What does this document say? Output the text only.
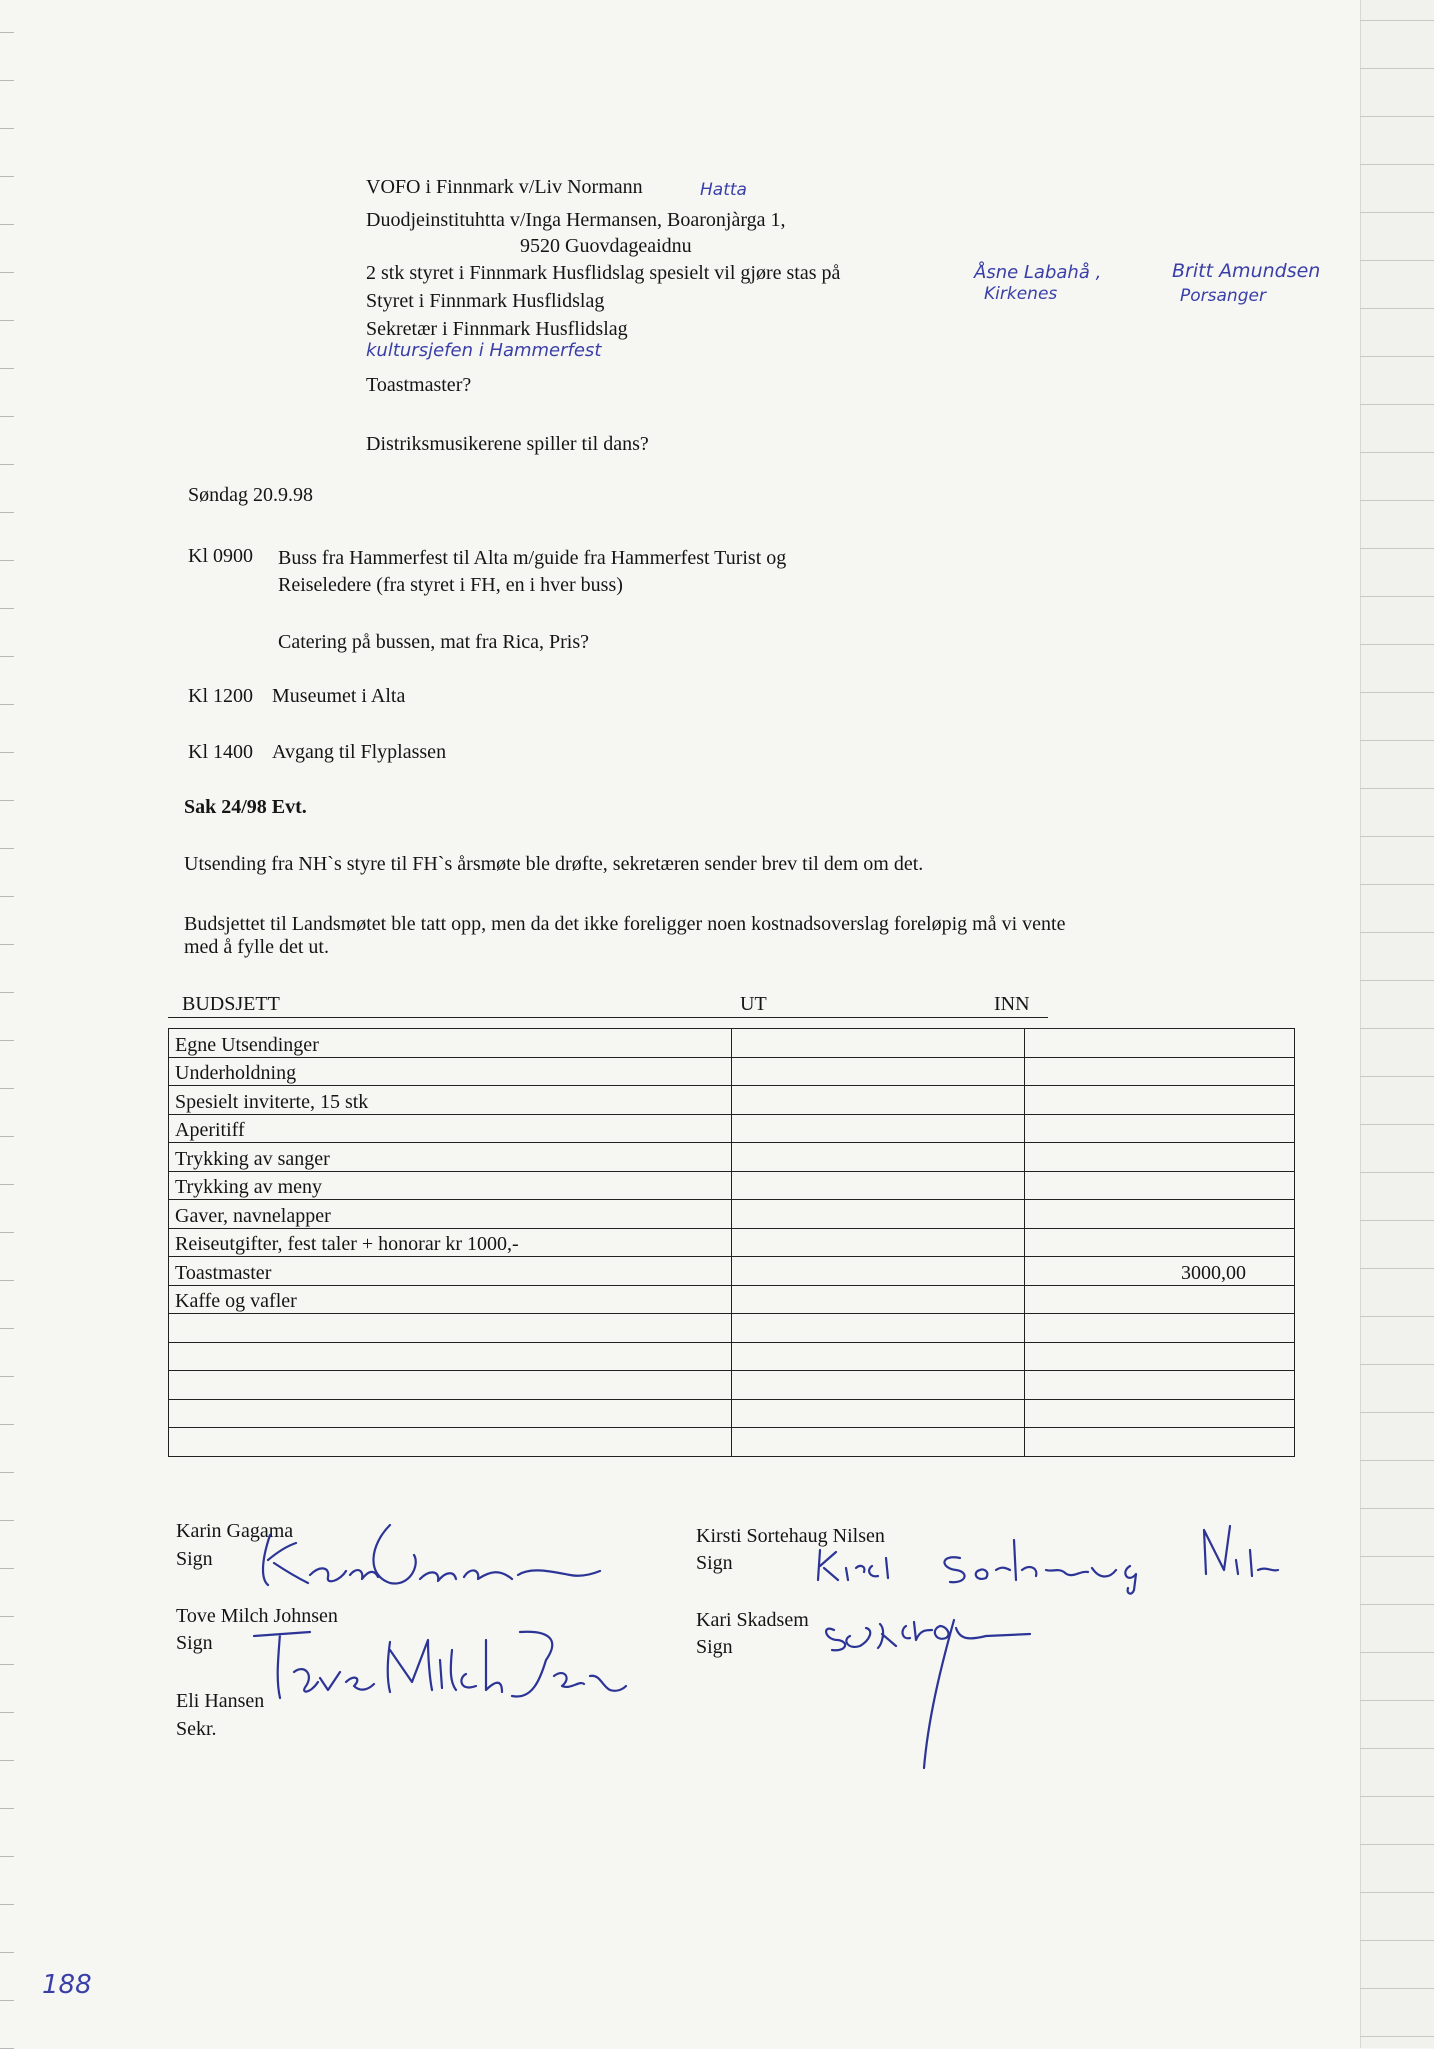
VOFO i Finnmark v/Liv Normann
Duodjeinstituhtta v/Inga Hermansen, Boaronjàrga 1,
9520 Guovdageaidnu
2 stk styret i Finnmark Husflidslag spesielt vil gjøre stas på
Styret i Finnmark Husflidslag
Sekretær i Finnmark Husflidslag
Toastmaster?
Distriksmusikerene spiller til dans?
Hatta
Åsne Labahå ,
Kirkenes
Britt Amundsen
Porsanger
kultursjefen i Hammerfest
Søndag 20.9.98
Kl 0900 Buss fra Hammerfest til Alta m/guide fra Hammerfest Turist og
Reiseledere (fra styret i FH, en i hver buss)
Catering på bussen, mat fra Rica, Pris?
Kl 1200 Museumet i Alta
Kl 1400 Avgang til Flyplassen
Sak 24/98 Evt.
Utsending fra NH`s styre til FH`s årsmøte ble drøfte, sekretæren sender brev til dem om det.
Budsjettet til Landsmøtet ble tatt opp, men da det ikke foreligger noen kostnadsoverslag foreløpig må vi vente
med å fylle det ut.
BUDSJETT	UT	INN
Egne Utsendinger		
Underholdning		
Spesielt inviterte, 15 stk		
Aperitiff		
Trykking av sanger		
Trykking av meny		
Gaver, navnelapper		
Reiseutgifter, fest taler + honorar kr 1000,-		
Toastmaster		3000,00
Kaffe og vafler		

Karin Gagama
Sign
Tove Milch Johnsen
Sign
Eli Hansen
Sekr.
Kirsti Sortehaug Nilsen
Sign
Kari Skadsem
Sign
188
